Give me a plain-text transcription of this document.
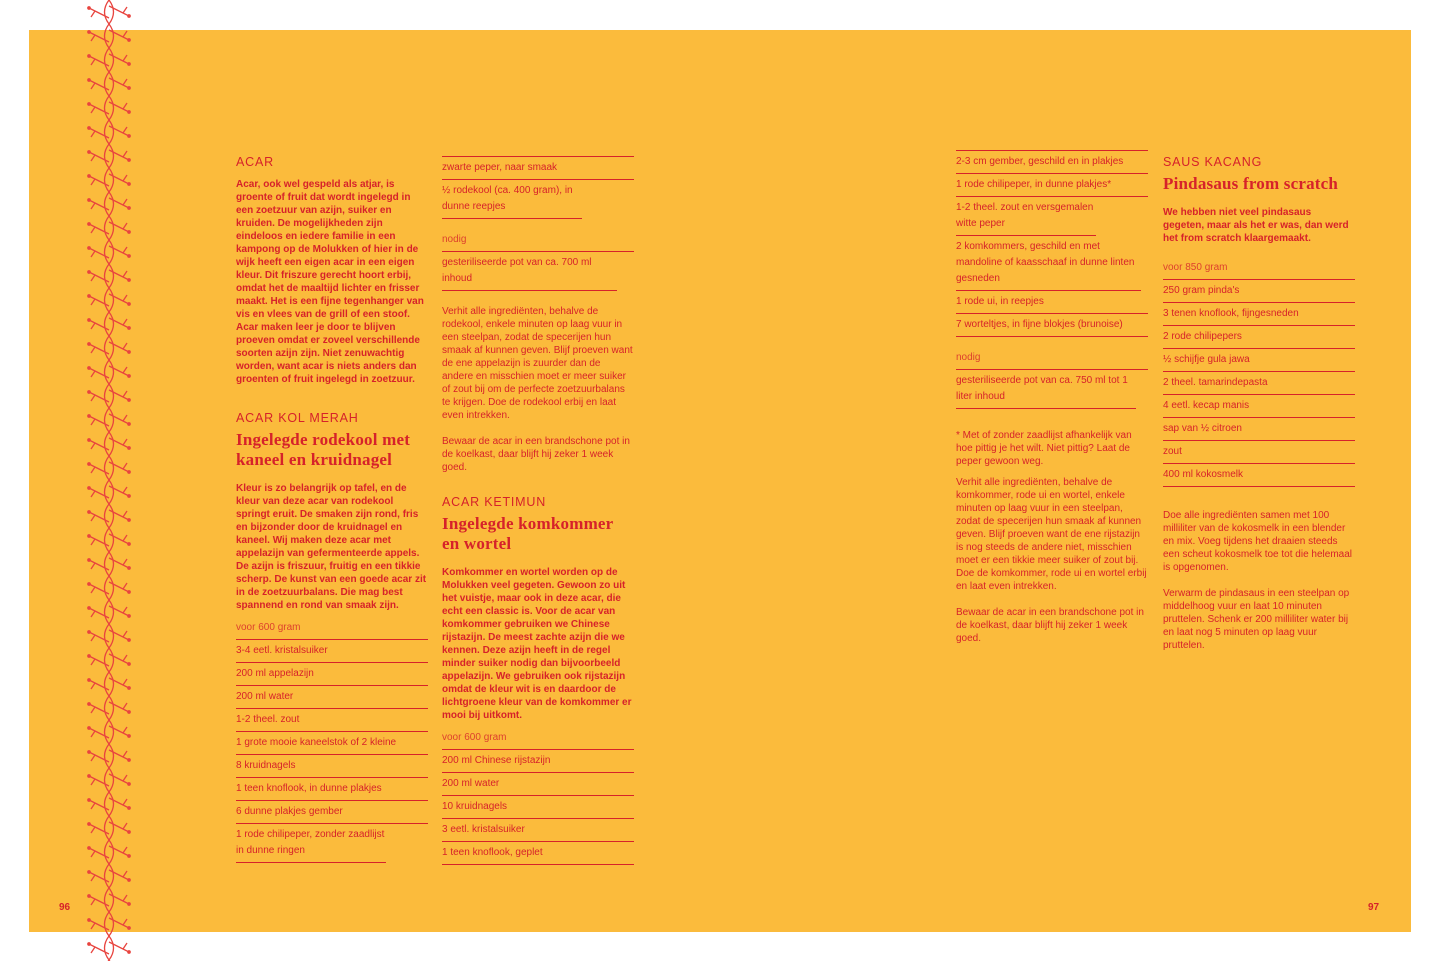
ACAR

Acar, ook wel gespeld als atjar, is groente of fruit dat wordt ingelegd in een zoetzuur van azijn, suiker en kruiden. De mogelijkheden zijn eindeloos en iedere familie in een kampong op de Molukken of hier in de wijk heeft een eigen acar in een eigen kleur. Dit friszure gerecht hoort erbij, omdat het de maaltijd lichter en frisser maakt. Het is een fijne tegenhanger van vis en vlees van de grill of een stoof. Acar maken leer je door te blijven proeven omdat er zoveel verschillende soorten azijn zijn. Niet zenuwachtig worden, want acar is niets anders dan groenten of fruit ingelegd in zoetzuur.

ACAR KOL MERAH
Ingelegde rodekool met kaneel en kruidnagel

Kleur is zo belangrijk op tafel, en de kleur van deze acar van rodekool springt eruit. De smaken zijn rond, fris en bijzonder door de kruidnagel en kaneel. Wij maken deze acar met appelazijn van gefermenteerde appels. De azijn is friszuur, fruitig en een tikkie scherp. De kunst van een goede acar zit in de zoetzuurbalans. Die mag best spannend en rond van smaak zijn.

voor 600 gram

3-4 eetl. kristalsuiker
200 ml appelazijn
200 ml water
1-2 theel. zout
1 grote mooie kaneelstok of 2 kleine
8 kruidnagels
1 teen knoflook, in dunne plakjes
6 dunne plakjes gember
1 rode chilipeper, zonder zaadlijst in dunne ringen
zwarte peper, naar smaak
½ rodekool (ca. 400 gram), in dunne reepjes

nodig

gesteriliseerde pot van ca. 700 ml inhoud

Verhit alle ingrediënten, behalve de rodekool, enkele minuten op laag vuur in een steelpan, zodat de specerijen hun smaak af kunnen geven. Blijf proeven want de ene appelazijn is zuurder dan de andere en misschien moet er meer suiker of zout bij om de perfecte zoetzuurbalans te krijgen. Doe de rodekool erbij en laat even intrekken.

Bewaar de acar in een brandschone pot in de koelkast, daar blijft hij zeker 1 week goed.

ACAR KETIMUN
Ingelegde komkommer en wortel

Komkommer en wortel worden op de Molukken veel gegeten. Gewoon zo uit het vuistje, maar ook in deze acar, die echt een classic is. Voor de acar van komkommer gebruiken we Chinese rijstazijn. De meest zachte azijn die we kennen. Deze azijn heeft in de regel minder suiker nodig dan bijvoorbeeld appelazijn. We gebruiken ook rijstazijn omdat de kleur wit is en daardoor de lichtgroene kleur van de komkommer er mooi bij uitkomt.

voor 600 gram

200 ml Chinese rijstazijn
200 ml water
10 kruidnagels
3 eetl. kristalsuiker
1 teen knoflook, geplet
2-3 cm gember, geschild en in plakjes
1 rode chilipeper, in dunne plakjes*
1-2 theel. zout en versgemalen witte peper
2 komkommers, geschild en met mandoline of kaasschaaf in dunne linten gesneden
1 rode ui, in reepjes
7 worteltjes, in fijne blokjes (brunoise)

nodig

gesteriliseerde pot van ca. 750 ml tot 1 liter inhoud

* Met of zonder zaadlijst afhankelijk van hoe pittig je het wilt. Niet pittig? Laat de peper gewoon weg.

Verhit alle ingrediënten, behalve de komkommer, rode ui en wortel, enkele minuten op laag vuur in een steelpan, zodat de specerijen hun smaak af kunnen geven. Blijf proeven want de ene rijstazijn is nog steeds de andere niet, misschien moet er een tikkie meer suiker of zout bij. Doe de komkommer, rode ui en wortel erbij en laat even intrekken.

Bewaar de acar in een brandschone pot in de koelkast, daar blijft hij zeker 1 week goed.

SAUS KACANG
Pindasaus from scratch

We hebben niet veel pindasaus gegeten, maar als het er was, dan werd het from scratch klaargemaakt.

voor 850 gram

250 gram pinda's
3 tenen knoflook, fijngesneden
2 rode chilipepers
½ schijfje gula jawa
2 theel. tamarindepasta
4 eetl. kecap manis
sap van ½ citroen
zout
400 ml kokosmelk

Doe alle ingrediënten samen met 100 milliliter van de kokosmelk in een blender en mix. Voeg tijdens het draaien steeds een scheut kokosmelk toe tot die helemaal is opgenomen.

Verwarm de pindasaus in een steelpan op middelhoog vuur en laat 10 minuten pruttelen. Schenk er 200 milliliter water bij en laat nog 5 minuten op laag vuur pruttelen.

96	97
